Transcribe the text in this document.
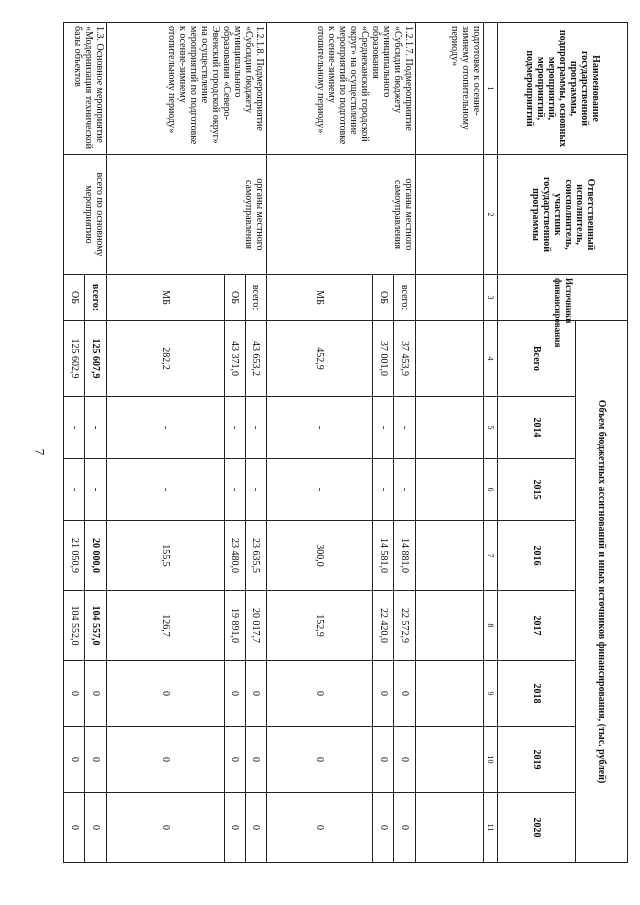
7
Наименование государственной программы, подпрограммы, основных мероприятий, мероприятий, подмероприятий	Ответственный исполнитель, соисполнитель, участник государственной программы	Источники финансирования	Объем бюджетных ассигнований и иных источников финансирования, (тыс. рублей)							
			Всего	2014	2015	2016	2017	2018	2019	2020
1	2	3	4	5	6	7	8	9	10	11
подготовке к осенне-зимнему отопительному периоду»										
1.2.1.7. Подмероприятие «Субсидии бюджету муниципального образования «Среднеканский городской округ» на осуществление мероприятий по подготовке к осенне-зимнему отопительному периоду»	органы местного самоуправления	всего:	37 453,9	-	-	14 881,0	22 572,9	0	0	0
		ОБ	37 001,0	-	-	14 581,0	22 420,0	0	0	0
		МБ	452,9	-	-	300,0	152,9	0	0	0
1.2.1.8. Подмероприятие «Субсидии бюджету муниципального образования «Северо-Эвенский городской округ» на осуществление мероприятий по подготовке к осенне-зимнему отопительному периоду»	органы местного самоуправления	всего:	43 653,2	-	-	23 635,5	20 017,7	0	0	0
		ОБ	43 371,0	-	-	23 480,0	19 891,0	0	0	0
		МБ	282,2	-	-	155,5	126,7	0	0	0
1.3. Основное мероприятие «Модернизация технической базы объектов	всего по основному мероприятию	всего:	125 607,9	-	-	20 000,0	104 557,0	0	0	0
		ОБ	125 602,9	-	-	21 050,9	104 552,0	0	0	0
